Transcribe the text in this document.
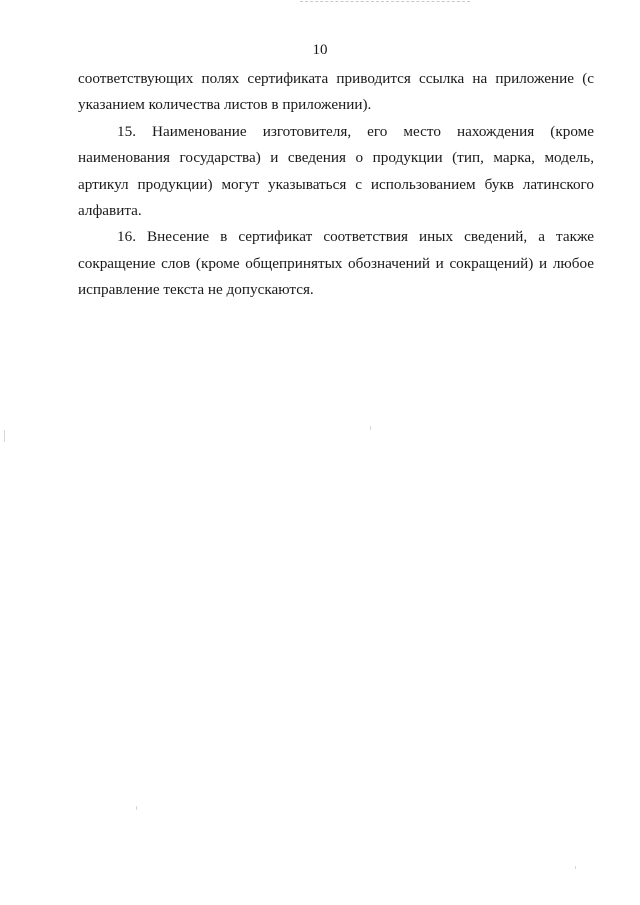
10

соответствующих полях сертификата приводится ссылка на приложение (с указанием количества листов в приложении).

15. Наименование изготовителя, его место нахождения (кроме наименования государства) и сведения о продукции (тип, марка, модель, артикул продукции) могут указываться с использованием букв латинского алфавита.

16. Внесение в сертификат соответствия иных сведений, а также сокращение слов (кроме общепринятых обозначений и сокращений) и любое исправление текста не допускаются.
